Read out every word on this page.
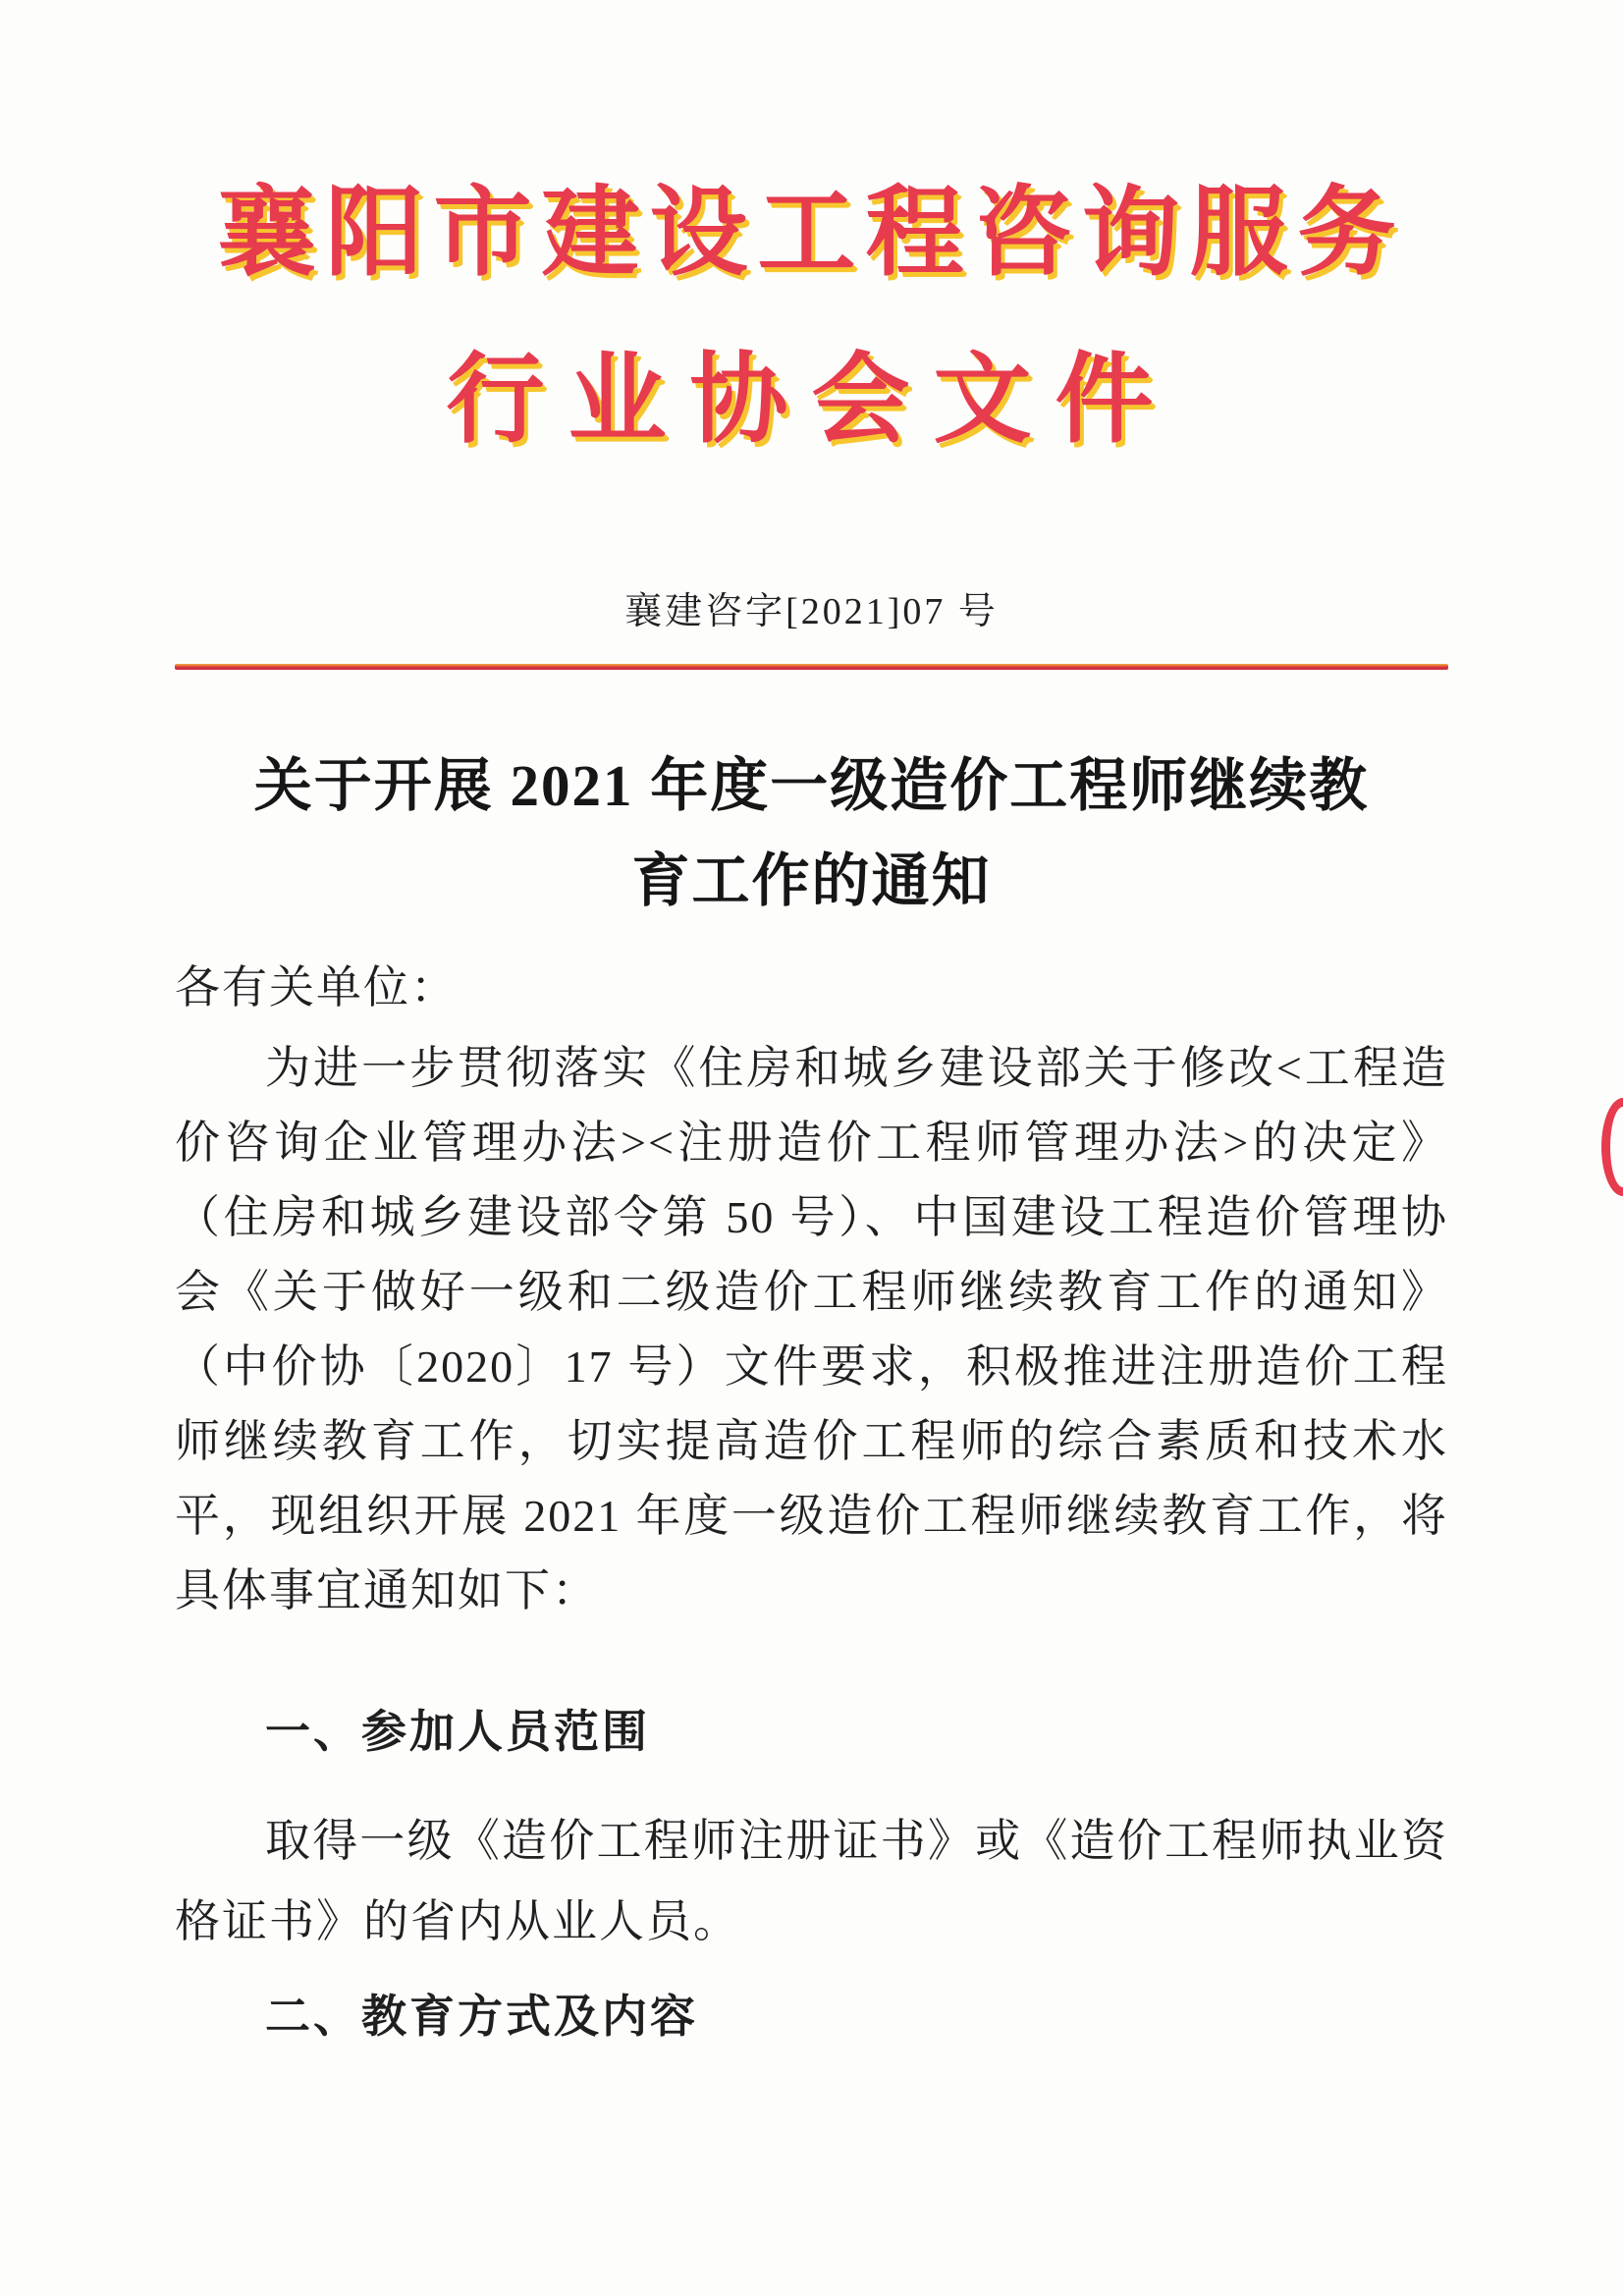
襄阳市建设工程咨询服务
行业协会文件
襄建咨字[2021]07 号
关于开展 2021 年度一级造价工程师继续教
育工作的通知
各有关单位：
为进一步贯彻落实《住房和城乡建设部关于修改<工程造价咨询企业管理办法><注册造价工程师管理办法>的决定》（住房和城乡建设部令第 50 号）、中国建设工程造价管理协会《关于做好一级和二级造价工程师继续教育工作的通知》（中价协〔2020〕17 号）文件要求，积极推进注册造价工程师继续教育工作，切实提高造价工程师的综合素质和技术水平，现组织开展 2021 年度一级造价工程师继续教育工作，将具体事宜通知如下：
一、参加人员范围
取得一级《造价工程师注册证书》或《造价工程师执业资格证书》的省内从业人员。
二、教育方式及内容
